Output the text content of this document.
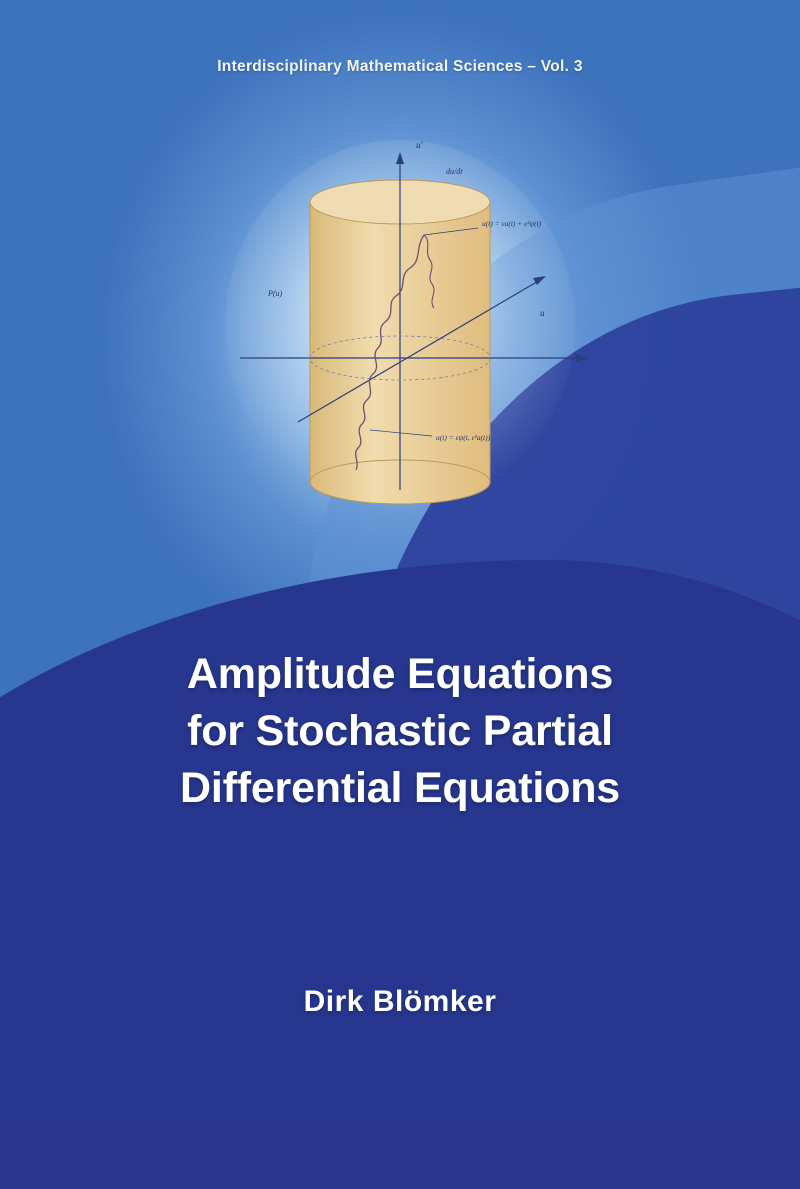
Interdisciplinary Mathematical Sciences – Vol. 3
u'
du/dt
P(u)
u(t) = εa(t) + ε²ψ(t)
u(t) = εψ(t, ε²a(t))
u
Amplitude Equations
for Stochastic Partial
Differential Equations
Dirk Blömker
